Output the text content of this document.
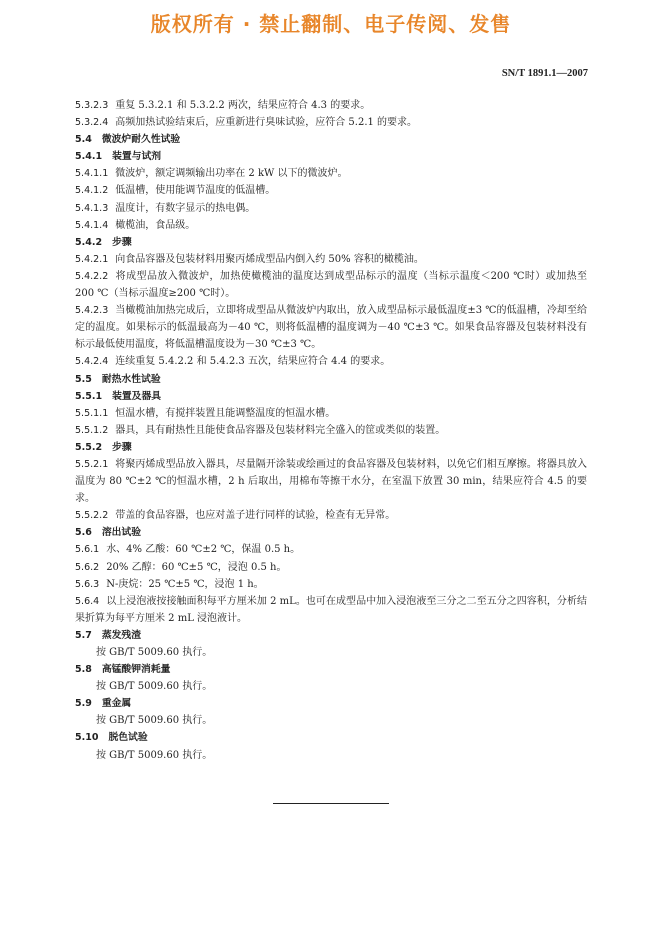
版权所有 · 禁止翻制、电子传阅、发售
SN/T 1891.1—2007
5.3.2.3 重复 5.3.2.1 和 5.3.2.2 两次，结果应符合 4.3 的要求。
5.3.2.4 高频加热试验结束后，应重新进行臭味试验，应符合 5.2.1 的要求。
5.4 微波炉耐久性试验
5.4.1 装置与试剂
5.4.1.1 微波炉，额定调频输出功率在 2 kW 以下的微波炉。
5.4.1.2 低温槽，使用能调节温度的低温槽。
5.4.1.3 温度计，有数字显示的热电偶。
5.4.1.4 橄榄油，食品级。
5.4.2 步骤
5.4.2.1 向食品容器及包装材料用聚丙烯成型品内倒入约 50% 容积的橄榄油。
5.4.2.2 将成型品放入微波炉，加热使橄榄油的温度达到成型品标示的温度（当标示温度＜200 ℃时）或加热至 200 ℃（当标示温度≥200 ℃时）。
5.4.2.3 当橄榄油加热完成后，立即将成型品从微波炉内取出，放入成型品标示最低温度±3 ℃的低温槽，冷却至给定的温度。如果标示的低温最高为－40 ℃，则将低温槽的温度调为－40 ℃±3 ℃。如果食品容器及包装材料没有标示最低使用温度，将低温槽温度设为－30 ℃±3 ℃。
5.4.2.4 连续重复 5.4.2.2 和 5.4.2.3 五次，结果应符合 4.4 的要求。
5.5 耐热水性试验
5.5.1 装置及器具
5.5.1.1 恒温水槽，有搅拌装置且能调整温度的恒温水槽。
5.5.1.2 器具，具有耐热性且能使食品容器及包装材料完全盛入的筐或类似的装置。
5.5.2 步骤
5.5.2.1 将聚丙烯成型品放入器具，尽量隔开涂装或绘画过的食品容器及包装材料，以免它们相互摩擦。将器具放入温度为 80 ℃±2 ℃的恒温水槽，2 h 后取出，用棉布等擦干水分，在室温下放置 30 min，结果应符合 4.5 的要求。
5.5.2.2 带盖的食品容器，也应对盖子进行同样的试验，检查有无异常。
5.6 溶出试验
5.6.1 水、4% 乙酸：60 ℃±2 ℃，保温 0.5 h。
5.6.2 20% 乙醇：60 ℃±5 ℃，浸泡 0.5 h。
5.6.3 N-庚烷：25 ℃±5 ℃，浸泡 1 h。
5.6.4 以上浸泡液按接触面积每平方厘米加 2 mL。也可在成型品中加入浸泡液至三分之二至五分之四容积，分析结果折算为每平方厘米 2 mL 浸泡液计。
5.7 蒸发残渣
按 GB/T 5009.60 执行。
5.8 高锰酸钾消耗量
按 GB/T 5009.60 执行。
5.9 重金属
按 GB/T 5009.60 执行。
5.10 脱色试验
按 GB/T 5009.60 执行。
